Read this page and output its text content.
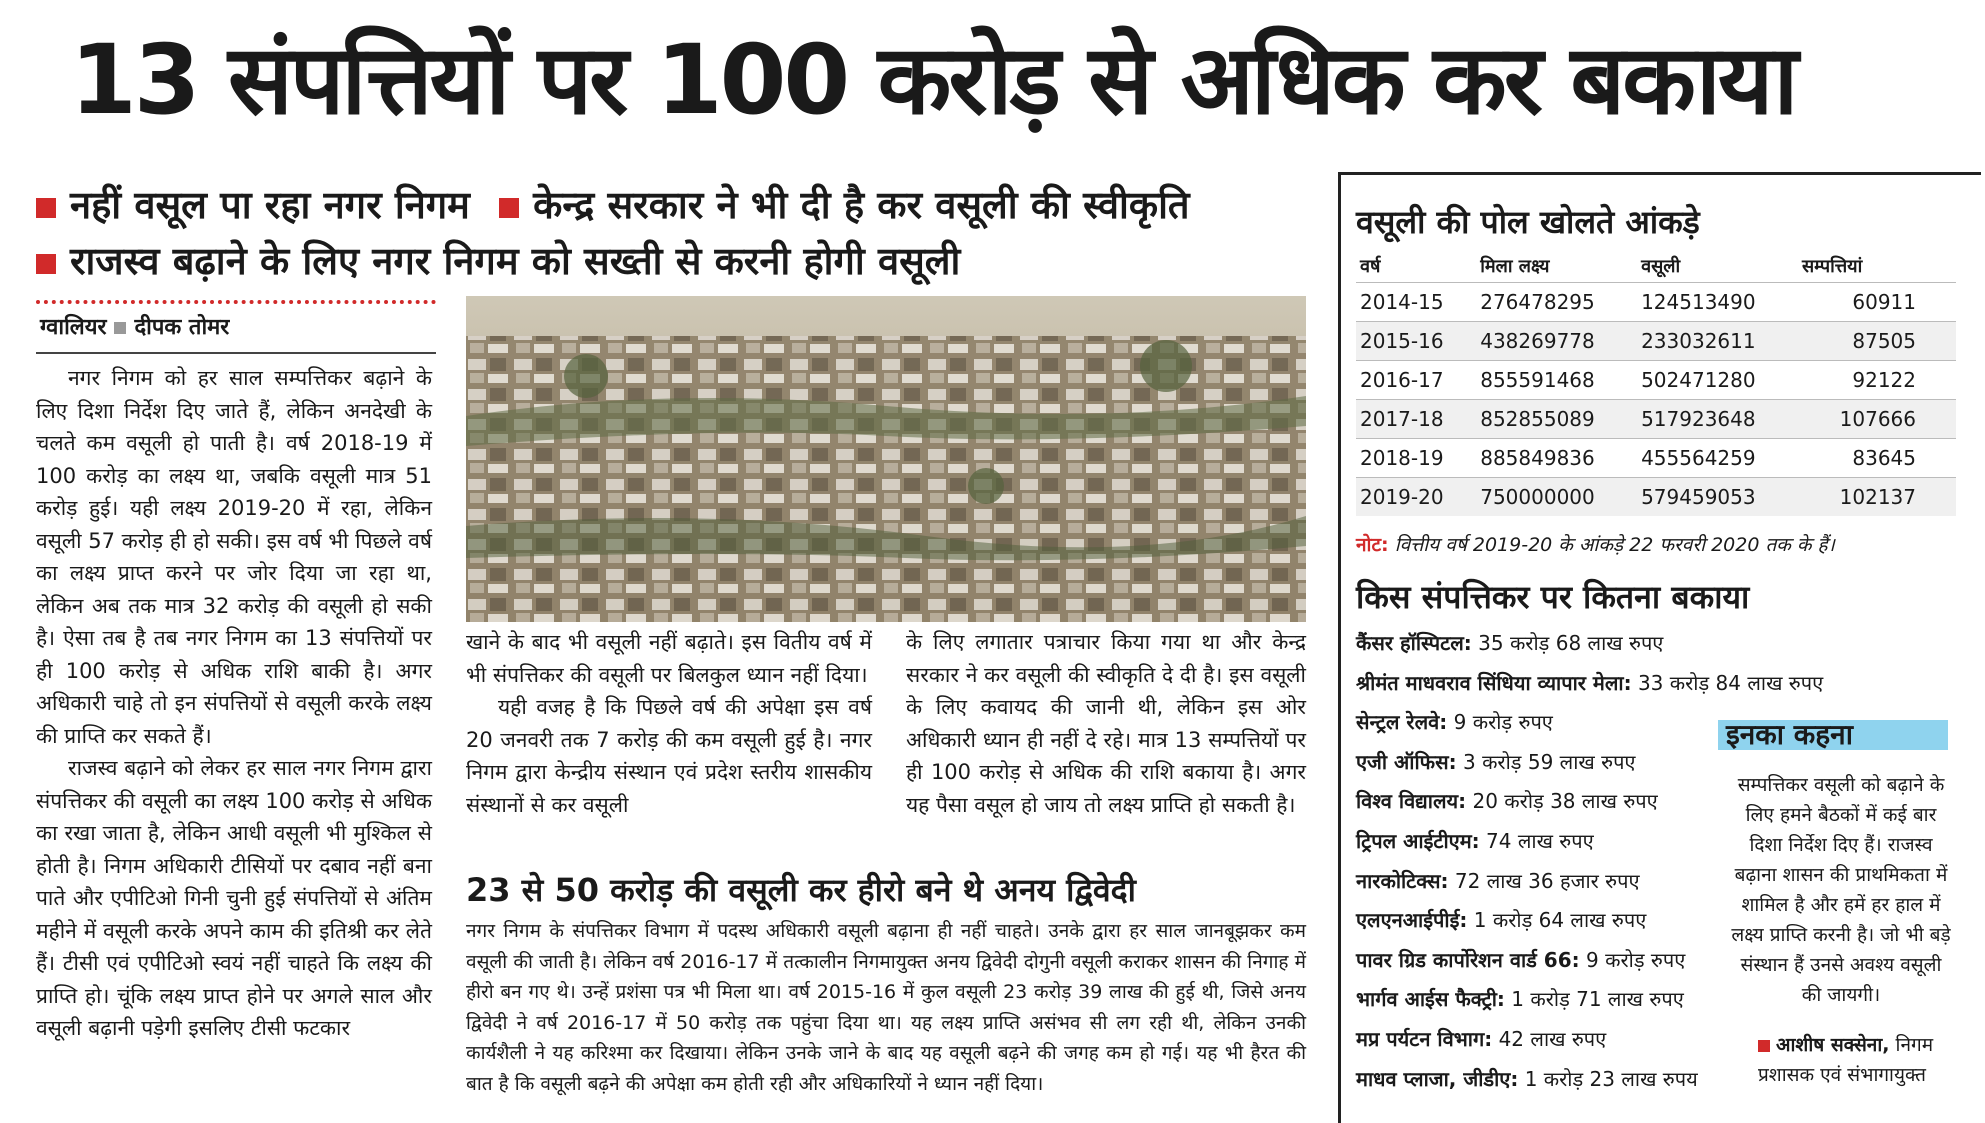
13 संपत्तियों पर 100 करोड़ से अधिक कर बकाया
नहीं वसूल पा रहा नगर निगम केन्द्र सरकार ने भी दी है कर वसूली की स्वीकृति
राजस्व बढ़ाने के लिए नगर निगम को सख्ती से करनी होगी वसूली
ग्वालियर दीपक तोमर

नगर निगम को हर साल सम्पत्तिकर बढ़ाने के लिए दिशा निर्देश दिए जाते हैं, लेकिन अनदेखी के चलते कम वसूली हो पाती है। वर्ष 2018-19 में 100 करोड़ का लक्ष्य था, जबकि वसूली मात्र 51 करोड़ हुई। यही लक्ष्य 2019-20 में रहा, लेकिन वसूली 57 करोड़ ही हो सकी। इस वर्ष भी पिछले वर्ष का लक्ष्य प्राप्त करने पर जोर दिया जा रहा था, लेकिन अब तक मात्र 32 करोड़ की वसूली हो सकी है। ऐसा तब है तब नगर निगम का 13 संपत्तियों पर ही 100 करोड़ से अधिक राशि बाकी है। अगर अधिकारी चाहे तो इन संपत्तियों से वसूली करके लक्ष्य की प्राप्ति कर सकते हैं।

राजस्व बढ़ाने को लेकर हर साल नगर निगम द्वारा संपत्तिकर की वसूली का लक्ष्य 100 करोड़ से अधिक का रखा जाता है, लेकिन आधी वसूली भी मुश्किल से होती है। निगम अधिकारी टीसियों पर दबाव नहीं बना पाते और एपीटिओ गिनी चुनी हुई संपत्तियों से अंतिम महीने में वसूली करके अपने काम की इतिश्री कर लेते हैं। टीसी एवं एपीटिओ स्वयं नहीं चाहते कि लक्ष्य की प्राप्ति हो। चूंकि लक्ष्य प्राप्त होने पर अगले साल और वसूली बढ़ानी पड़ेगी इसलिए टीसी फटकार

खाने के बाद भी वसूली नहीं बढ़ाते। इस वितीय वर्ष में भी संपत्तिकर की वसूली पर बिलकुल ध्यान नहीं दिया।

यही वजह है कि पिछले वर्ष की अपेक्षा इस वर्ष 20 जनवरी तक 7 करोड़ की कम वसूली हुई है। नगर निगम द्वारा केन्द्रीय संस्थान एवं प्रदेश स्तरीय शासकीय संस्थानों से कर वसूली

के लिए लगातार पत्राचार किया गया था और केन्द्र सरकार ने कर वसूली की स्वीकृति दे दी है। इस वसूली के लिए कवायद की जानी थी, लेकिन इस ओर अधिकारी ध्यान ही नहीं दे रहे। मात्र 13 सम्पत्तियों पर ही 100 करोड़ से अधिक की राशि बकाया है। अगर यह पैसा वसूल हो जाय तो लक्ष्य प्राप्ति हो सकती है।

23 से 50 करोड़ की वसूली कर हीरो बने थे अनय द्विवेदी
नगर निगम के संपत्तिकर विभाग में पदस्थ अधिकारी वसूली बढ़ाना ही नहीं चाहते। उनके द्वारा हर साल जानबूझकर कम वसूली की जाती है। लेकिन वर्ष 2016-17 में तत्कालीन निगमायुक्त अनय द्विवेदी दोगुनी वसूली कराकर शासन की निगाह में हीरो बन गए थे। उन्हें प्रशंसा पत्र भी मिला था। वर्ष 2015-16 में कुल वसूली 23 करोड़ 39 लाख की हुई थी, जिसे अनय द्विवेदी ने वर्ष 2016-17 में 50 करोड़ तक पहुंचा दिया था। यह लक्ष्य प्राप्ति असंभव सी लग रही थी, लेकिन उनकी कार्यशैली ने यह करिश्मा कर दिखाया। लेकिन उनके जाने के बाद यह वसूली बढ़ने की जगह कम हो गई। यह भी हैरत की बात है कि वसूली बढ़ने की अपेक्षा कम होती रही और अधिकारियों ने ध्यान नहीं दिया।
वसूली की पोल खोलते आंकड़े
वर्ष	मिला लक्ष्य	वसूली	सम्पत्तियां
2014-15	276478295	124513490	60911
2015-16	438269778	233032611	87505
2016-17	855591468	502471280	92122
2017-18	852855089	517923648	107666
2018-19	885849836	455564259	83645
2019-20	750000000	579459053	102137
नोट: वित्तीय वर्ष 2019-20 के आंकड़े 22 फरवरी 2020 तक के हैं।
किस संपत्तिकर पर कितना बकाया
कैंसर हॉस्पिटल: 35 करोड़ 68 लाख रुपए
श्रीमंत माधवराव सिंधिया व्यापार मेला: 33 करोड़ 84 लाख रुपए
सेन्ट्रल रेलवे: 9 करोड़ रुपए
एजी ऑफिस: 3 करोड़ 59 लाख रुपए
विश्व विद्यालय: 20 करोड़ 38 लाख रुपए
ट्रिपल आईटीएम: 74 लाख रुपए
नारकोटिक्स: 72 लाख 36 हजार रुपए
एलएनआईपीई: 1 करोड़ 64 लाख रुपए
पावर ग्रिड कार्पोरेशन वार्ड 66: 9 करोड़ रुपए
भार्गव आईस फैक्ट्री: 1 करोड़ 71 लाख रुपए
मप्र पर्यटन विभाग: 42 लाख रुपए
माधव प्लाजा, जीडीए: 1 करोड़ 23 लाख रुपय
इनका कहना
सम्पत्तिकर वसूली को बढ़ाने के लिए हमने बैठकों में कई बार दिशा निर्देश दिए हैं। राजस्व बढ़ाना शासन की प्राथमिकता में शामिल है और हमें हर हाल में लक्ष्य प्राप्ति करनी है। जो भी बड़े संस्थान हैं उनसे अवश्य वसूली की जायगी।
आशीष सक्सेना, निगम प्रशासक एवं संभागायुक्त
